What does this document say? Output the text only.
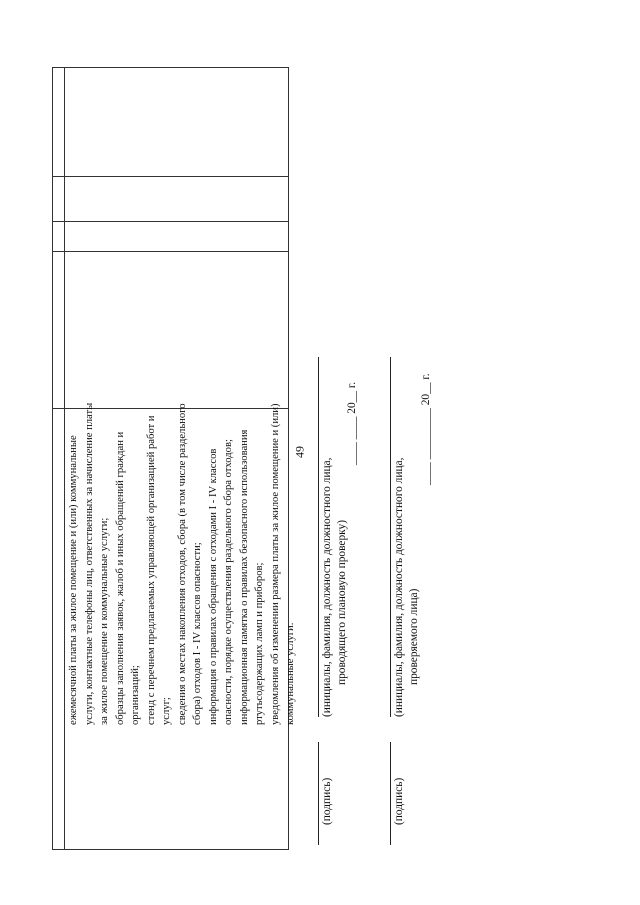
49
ежемесячной платы за жилое помещение и (или) коммунальные услуги, контактные телефоны лиц, ответственных за начисление платы за жилое помещение и коммунальные услуги; образцы заполнения заявок, жалоб и иных обращений граждан и организаций; стенд с перечнем предлагаемых управляющей организацией работ и услуг; сведения о местах накопления отходов, сбора (в том числе раздельного сбора) отходов I - IV классов опасности; информация о правилах обращения с отходами I - IV классов опасности, порядке осуществления раздельного сбора отходов; информационная памятка о правилах безопасного использования ртутьсодержащих ламп и приборов; уведомления об изменении размера платы за жилое помещение и (или) коммунальные услуги.
(подпись)
(инициалы, фамилия, должность должностного лица, проводящего плановую проверку)
____ ____ 20__ г.
(подпись)
(инициалы, фамилия, должность должностного лица, проверяемого лица)
____ _________ 20__ г.
